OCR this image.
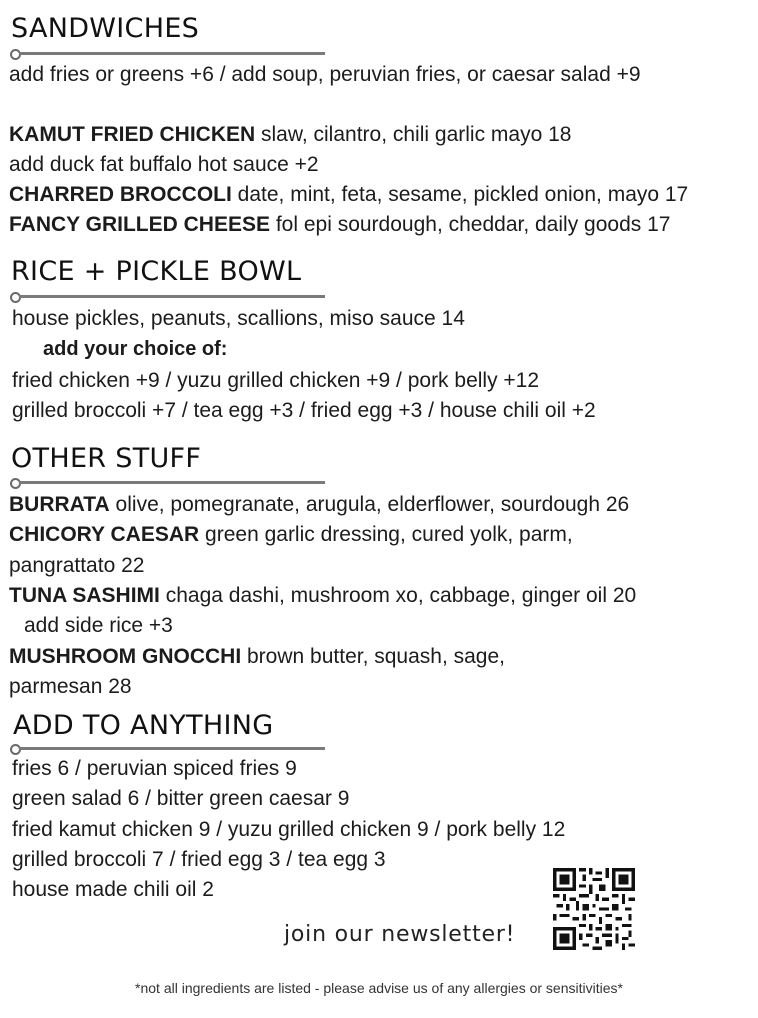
SANDWICHES
add fries or greens +6 / add soup, peruvian fries, or caesar salad +9
KAMUT FRIED CHICKEN slaw, cilantro, chili garlic mayo 18
add duck fat buffalo hot sauce +2
CHARRED BROCCOLI date, mint, feta, sesame, pickled onion, mayo 17
FANCY GRILLED CHEESE fol epi sourdough, cheddar, daily goods 17
RICE + PICKLE BOWL
house pickles, peanuts, scallions, miso sauce 14
add your choice of:
fried chicken +9 / yuzu grilled chicken +9 / pork belly +12
grilled broccoli +7 / tea egg +3 / fried egg +3 / house chili oil +2
OTHER STUFF
BURRATA olive, pomegranate, arugula, elderflower, sourdough 26
CHICORY CAESAR green garlic dressing, cured yolk, parm,
pangrattato 22
TUNA SASHIMI chaga dashi, mushroom xo, cabbage, ginger oil 20
add side rice +3
MUSHROOM GNOCCHI brown butter, squash, sage,
parmesan 28
ADD TO ANYTHING
fries 6 / peruvian spiced fries 9
green salad 6 / bitter green caesar 9
fried kamut chicken 9 / yuzu grilled chicken 9 / pork belly 12
grilled broccoli 7 / fried egg 3 / tea egg 3
house made chili oil 2
join our newsletter!
*not all ingredients are listed - please advise us of any allergies or sensitivities*
